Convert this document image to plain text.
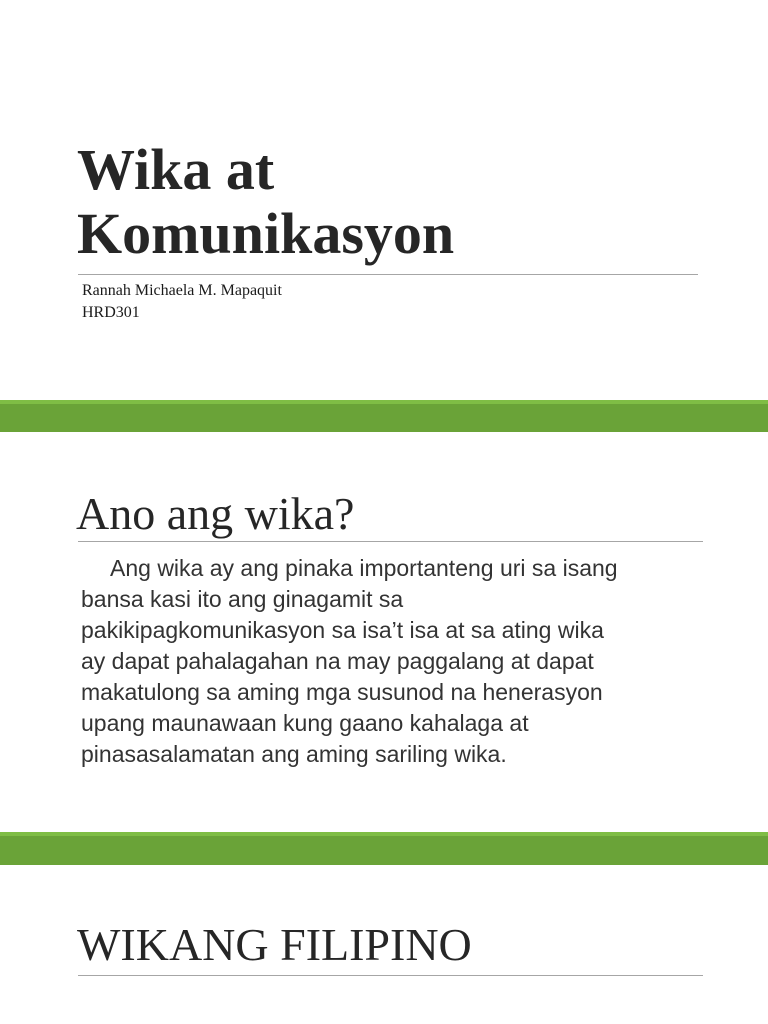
Wika at
Komunikasyon
Rannah Michaela M. Mapaquit
HRD301
Ano ang wika?

Ang wika ay ang pinaka importanteng uri sa isang
bansa kasi ito ang ginagamit sa
pakikipagkomunikasyon sa isa’t isa at sa ating wika
ay dapat pahalagahan na may paggalang at dapat
makatulong sa aming mga susunod na henerasyon
upang maunawaan kung gaano kahalaga at
pinasasalamatan ang aming sariling wika.

WIKANG FILIPINO
